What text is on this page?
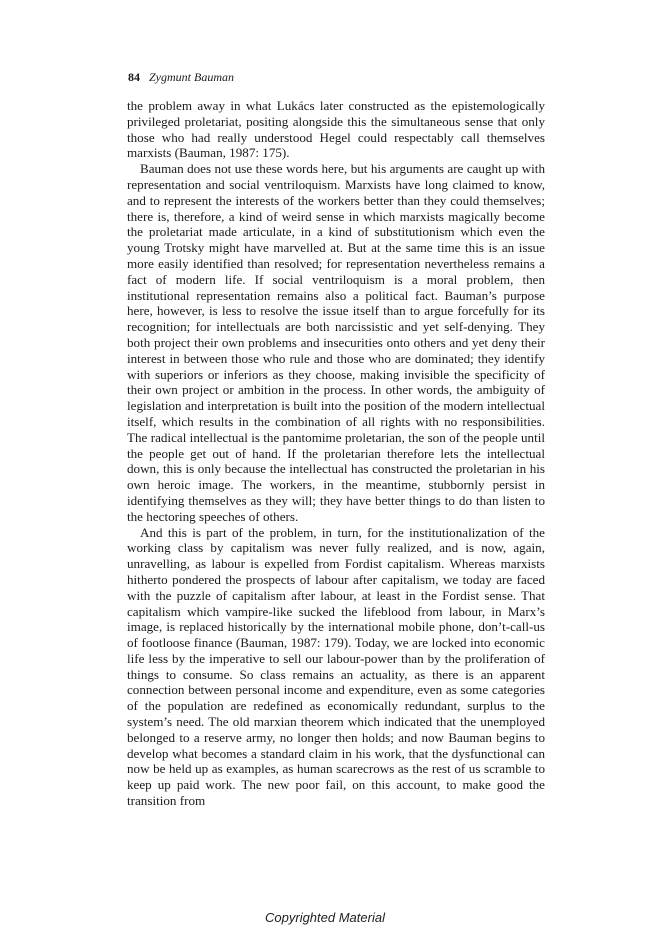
84 Zygmunt Bauman

the problem away in what Lukács later constructed as the epistemologically privileged proletariat, positing alongside this the simultaneous sense that only those who had really understood Hegel could respectably call themselves marxists (Bauman, 1987: 175).

Bauman does not use these words here, but his arguments are caught up with representation and social ventriloquism. Marxists have long claimed to know, and to represent the interests of the workers better than they could themselves; there is, therefore, a kind of weird sense in which marxists magically become the proletariat made articulate, in a kind of substitutionism which even the young Trotsky might have marvelled at. But at the same time this is an issue more easily identified than resolved; for representation nevertheless remains a fact of modern life. If social ventriloquism is a moral problem, then institutional representation remains also a political fact. Bauman’s purpose here, however, is less to resolve the issue itself than to argue forcefully for its recognition; for intellectuals are both narcissistic and yet self-denying. They both project their own problems and insecurities onto others and yet deny their interest in between those who rule and those who are dominated; they identify with superiors or inferiors as they choose, making invisible the specificity of their own project or ambition in the process. In other words, the ambiguity of legislation and interpretation is built into the position of the modern intellectual itself, which results in the combination of all rights with no responsibilities. The radical intellectual is the pantomime proletarian, the son of the people until the people get out of hand. If the proletarian therefore lets the intellectual down, this is only because the intellectual has constructed the proletarian in his own heroic image. The workers, in the meantime, stubbornly persist in identifying themselves as they will; they have better things to do than listen to the hectoring speeches of others.

And this is part of the problem, in turn, for the institutionalization of the working class by capitalism was never fully realized, and is now, again, unravelling, as labour is expelled from Fordist capitalism. Whereas marxists hitherto pondered the prospects of labour after capitalism, we today are faced with the puzzle of capitalism after labour, at least in the Fordist sense. That capitalism which vampire-like sucked the lifeblood from labour, in Marx’s image, is replaced historically by the international mobile phone, don’t-call-us of footloose finance (Bauman, 1987: 179). Today, we are locked into economic life less by the imperative to sell our labour-power than by the proliferation of things to consume. So class remains an actuality, as there is an apparent connection between personal income and expenditure, even as some categories of the population are redefined as economically redundant, surplus to the system’s need. The old marxian theorem which indicated that the unemployed belonged to a reserve army, no longer then holds; and now Bauman begins to develop what becomes a standard claim in his work, that the dysfunctional can now be held up as examples, as human scarecrows as the rest of us scramble to keep up paid work. The new poor fail, on this account, to make good the transition from

Copyrighted Material
